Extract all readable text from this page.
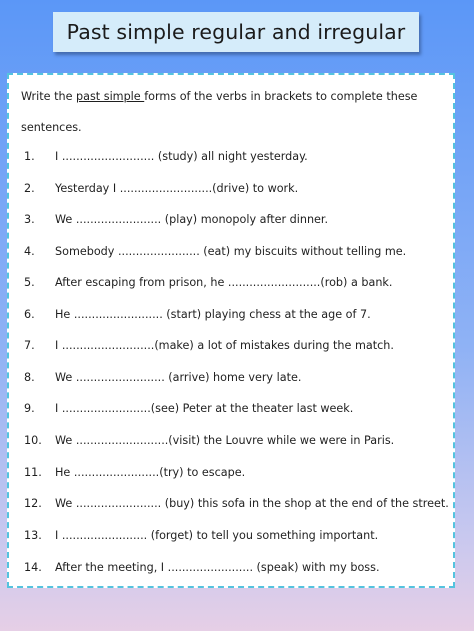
Past simple regular and irregular
Write the past simple forms of the verbs in brackets to complete these
sentences.
1. I .......................... (study) all night yesterday.
2. Yesterday I ..........................(drive) to work.
3. We ........................ (play) monopoly after dinner.
4. Somebody ....................... (eat) my biscuits without telling me.
5. After escaping from prison, he ..........................(rob) a bank.
6. He ......................... (start) playing chess at the age of 7.
7. I ..........................(make) a lot of mistakes during the match.
8. We ......................... (arrive) home very late.
9. I .........................(see) Peter at the theater last week.
10. We ..........................(visit) the Louvre while we were in Paris.
11. He ........................(try) to escape.
12. We ........................ (buy) this sofa in the shop at the end of the street.
13. I ........................ (forget) to tell you something important.
14. After the meeting, I ........................ (speak) with my boss.
